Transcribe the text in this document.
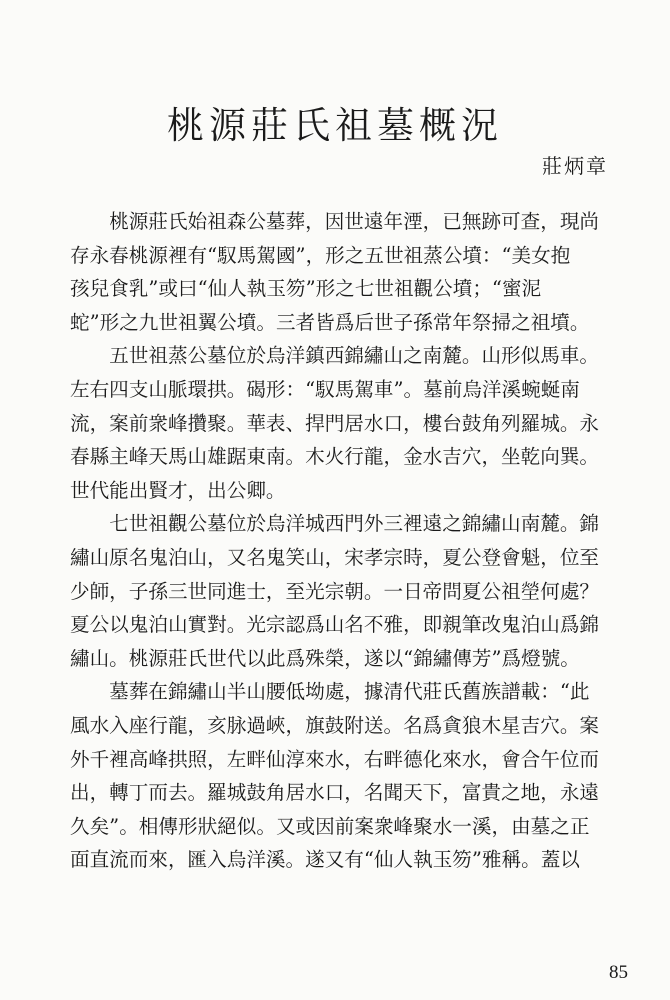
桃源莊氏祖墓概況
莊炳章

桃源莊氏始祖森公墓葬，因世遠年湮，已無跡可查，現尚
存永春桃源裡有“馭馬駕國”，形之五世祖蒸公墳：“美女抱
孩兒食乳”或曰“仙人執玉笏”形之七世祖觀公墳；“蜜泥
蛇”形之九世祖翼公墳。三者皆爲后世子孫常年祭掃之祖墳。

五世祖蒸公墓位於烏洋鎮西錦繡山之南麓。山形似馬車。
左右四支山脈環拱。碣形：“馭馬駕車”。墓前烏洋溪蜿蜒南
流，案前衆峰攢聚。華表、捍門居水口，樓台鼓角列羅城。永
春縣主峰天馬山雄踞東南。木火行龍，金水吉穴，坐乾向巽。
世代能出賢才，出公卿。

七世祖觀公墓位於烏洋城西門外三裡遠之錦繡山南麓。錦
繡山原名鬼泊山，又名鬼笑山，宋孝宗時，夏公登會魁，位至
少師，子孫三世同進士，至光宗朝。一日帝問夏公祖塋何處？
夏公以鬼泊山實對。光宗認爲山名不雅，即親筆改鬼泊山爲錦
繡山。桃源莊氏世代以此爲殊榮，遂以“錦繡傳芳”爲燈號。

墓葬在錦繡山半山腰低坳處，據清代莊氏舊族譜載：“此
風水入座行龍，亥脉過峽，旗鼓附送。名爲貪狼木星吉穴。案
外千裡高峰拱照，左畔仙淳來水，右畔德化來水，會合午位而
出，轉丁而去。羅城鼓角居水口，名聞天下，富貴之地，永遠
久矣”。相傳形狀絕似。又或因前案衆峰聚水一溪，由墓之正
面直流而來，匯入烏洋溪。遂又有“仙人執玉笏”雅稱。蓋以

85
